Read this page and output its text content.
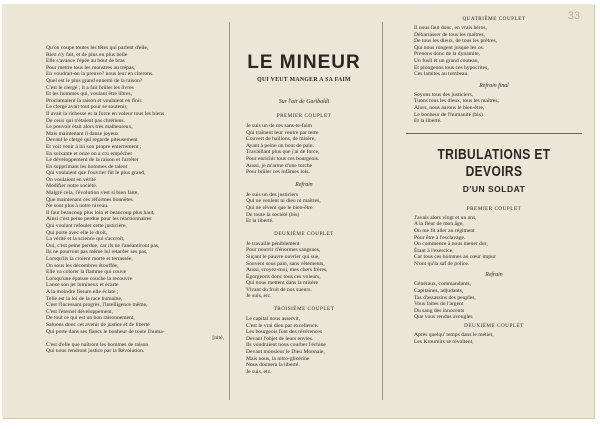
33
Qu'on coupe toutes les têtes qui parlent d'elle,
Rien n'y fait, et de plus en plus belle
Elle s'avance l'épée au bout de bras
Pour mettre tous les monstres au trépas,
En voudrait-on la preuve? nous leur en citerons.
Quel est le plus grand ennemi de la raison?
C'est le clergé ; il a fait brûler les livres
Et les hommes qui, voulant être libres,
Proclamaient la raison et voulaient en finir.
Le clergé avait tout pour se soutenir,
Il avait la richesse et la force en voleur tous les biens
De ceux qui n'étaient pas chrétiens.
Le pouvoir était alors très malheureux,
Mais maintenant il danse joyeux
Devant le clergé qui regarde piteusement
Et voit venir à lui son propre enterrement ;
En soixante et onze on a cru empêcher
Le développement de la raison et l'arrêter
En supprimant les hommes de talent
Qui voulaient que l'ouvrier fût le plus grand,
On voulaient en vérité
Modifier notre société.
Malgré cela, l'évolution s'est si bien faite,
Que maintenant ces réformes honnêtes
Ne sont plus à notre niveau.
Il faut beaucoup plus loin et beaucoup plus haut,
Ainsi c'est peine perdue pour les réactionnaires
Qui voulant refouler cette justicière,
Qui porte avec elle le droit,
La vérité et la science qui s'accroît,
Oui, c'est peine perdue, car ils ne l'anéantiront pas,
Ils ne pourront pas même lui retarder ses pas,
Lorsqu'ils la croient morte et terrassée,
On sous les décombres étouffée,
Elle va colorer la flamme qui couve
Lorsqu'une épaisse couche la recouvre
Lance son jet lumineux et écarte
A la moindre fissure elle éclate ;
Telle est la loi de la race humaine,
C'est l'incessant progrès, l'intelligence même,
C'est l'éternel développement,
De tout ce qui est un bon raisonnement,
Saluons donc cet avenir de justice et de liberté
Qui porte dans ses flancs le bonheur de toute l'huma-
[nité,
C'est d'elle que naîtront les hommes de raison
Qui nous rendront justice par la Révolution.
LE MINEUR
QUI VEUT MANGER A SA FAIM
Sur l'air de Garibaldi
PREMIER COUPLET
Je suis un de ces sans-te-faim
Qui traînent leur ventre par terre
Couvert de haillons, de misère,
Ayant à peine un bout de pain.
Travaillant plus que j'ai de force,
Pour enrichir tous ces bourgeois.
Aussi, je m'arme d'une torche
Pour brûler ces infâmes lois.
Refrain
Je suis un des justiciers
Qui ne veulent ni dieu ni maîtres,
Qui ne rêvent que le bien-être
De toute la société (bis)
Et la liberté.
DEUXIÈME COUPLET
Je travaille péniblement
Pour nourrir d'énormes sangsues,
Suçant le pauvre ouvrier qui sue,
Souvent sous pain, sans vêtements,
Aussi, croyez-moi, mes chers frères,
Égorgeons donc tous ces voleurs,
Qui nous mettent dans la misère
Vivant du fruit de nos sueurs.
Je suis, etc.
TROISIÈME COUPLET
Le capital nous asservit,
C'est le vrai dieu par excellence.
Les bourgeois font des révérences
Devant l'objet de leurs envies.
Ils voudraient nous courber l'échine
Devant monsieur le Dieu Monnaie,
Mais nous, la nitro-glicérine
Nous donnera la liberté.
Je suis, etc.
QUATRIÈME COUPLET
Il nous faut donc, en vrais héros,
Débarrasser de tous les maîtres,
De tous les dieux, de tous les prêtres,
Qui nous rongent jusque les os.
Prenons donc de la dynamite,
Un fusil et un grand couteau,
Et plongeons tous ces hypocrites,
Ces lamites au tombeau.
Refrain final
Soyons tous des justiciers,
Tuons tous les dieux, tous les maîtres,
Alors, nous aurons le bien-être,
Le bonheur de l'humanité (bis)
Et la liberté.
TRIBULATIONS ET DEVOIRS
D'UN SOLDAT
PREMIER COUPLET
J'avais alors vingt et un ans,
A la fleur de mon âge,
On me fit aller au régiment
Pour être à l'esclavage.
On commence à nous mener dur,
Étant à l'exercice,
Car tous ces hommes au cœur impur
N'ont qu'la saf de police.
Refrain
Généraux, commandants,
Capitaines, adjudants,
Tas d'assassins des peuples,
Vous faites du l'argent
Du sang des innocents
Que vous rendus aveugles
DEUXIÈME COUPLET
Après quelqu' temps dans le métier,
Les Kroumirs se révoltent,
